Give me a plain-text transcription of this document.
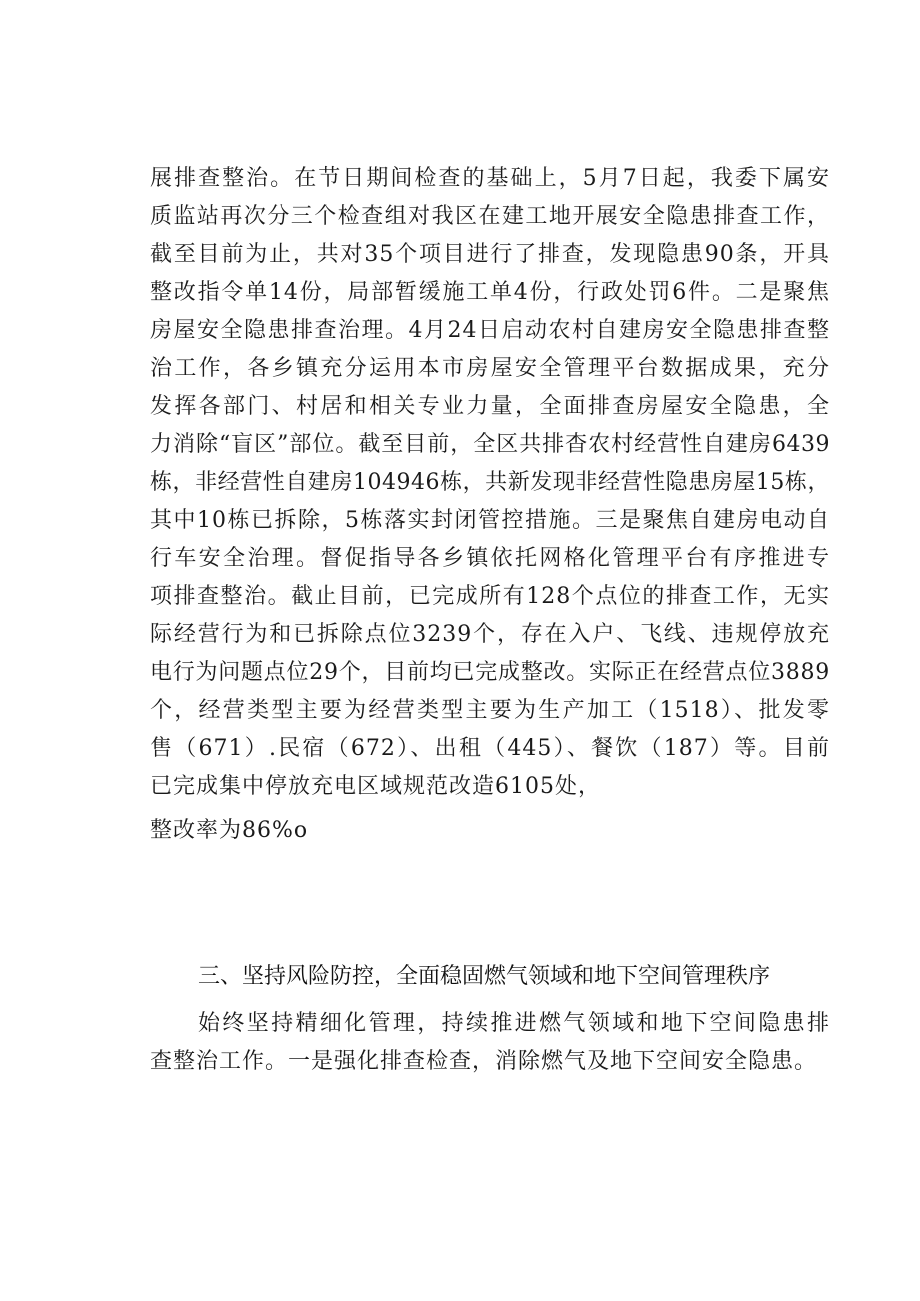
展排查整治。在节日期间检查的基础上，5月7日起，我委下属安
质监站再次分三个检查组对我区在建工地开展安全隐患排查工作，
截至目前为止，共对35个项目进行了排查，发现隐患90条，开具
整改指令单14份，局部暂缓施工单4份，行政处罚6件。二是聚焦
房屋安全隐患排查治理。4月24日启动农村自建房安全隐患排查整
治工作，各乡镇充分运用本市房屋安全管理平台数据成果，充分
发挥各部门、村居和相关专业力量，全面排查房屋安全隐患，全
力消除“盲区”部位。截至目前，全区共排杳农村经营性自建房6439
栋，非经营性自建房104946栋，共新发现非经营性隐患房屋15栋，
其中10栋已拆除，5栋落实封闭管控措施。三是聚焦自建房电动自
行车安全治理。督促指导各乡镇依托网格化管理平台有序推进专
项排查整治。截止目前，已完成所有128个点位的排查工作，无实
际经营行为和已拆除点位3239个，存在入户、飞线、违规停放充
电行为问题点位29个，目前均已完成整改。实际正在经营点位3889
个，经营类型主要为经营类型主要为生产加工（1518）、批发零
售（671）.民宿（672）、出租（445）、餐饮（187）等。目前
已完成集中停放充电区域规范改造6105处，
整改率为86%o
三、坚持风险防控，全面稳固燃气领域和地下空间管理秩序
始终坚持精细化管理，持续推进燃气领域和地下空间隐患排
查整治工作。一是强化排查检查，消除燃气及地下空间安全隐患。
